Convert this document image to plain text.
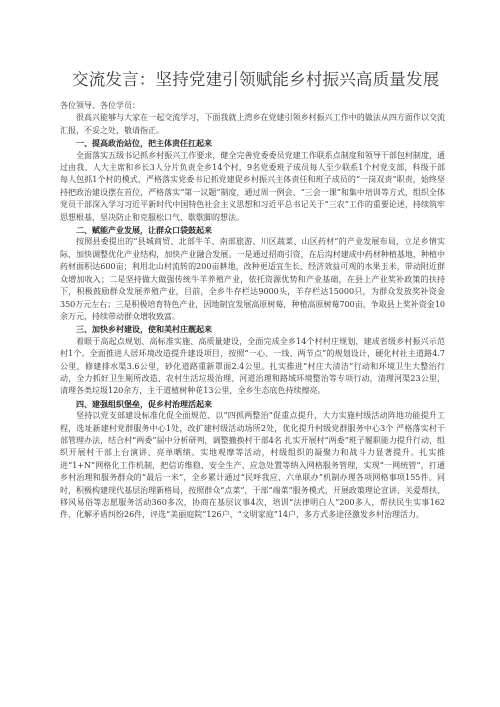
交流发言：坚持党建引领赋能乡村振兴高质量发展

各位领导、各位学员：

很高兴能够与大家在一起交流学习，下面我就上湾乡在党建引领乡村振兴工作中的做法从四方面作以交流汇报，不妥之处，敬请指正。

一、提高政治站位，把主体责任扛起来

全面落实五级书记抓乡村振兴工作要求，健全完善党委委员党建工作联系点制度和领导干部包村制度，通过由我、人大主席和乡长3人分片负责全乡14个村，9名党委班子成员每人至少联系1个村党支部，科级干部每人包抓1个村的模式，严格落实党委书记抓党建促乡村振兴主体责任和班子成员的“一岗双责”职责，始终坚持把政治建设摆在首位，严格落实“第一议题”制度，通过周一例会、“三会一课”和集中培训等方式，组织全体党员干部深入学习习近平新时代中国特色社会主义思想和习近平总书记关于“三农”工作的重要论述，持续筑牢思想根基，坚决防止和克服松口气、歇歇脚的想法。

二、赋能产业发展，让群众口袋鼓起来

按照县委提出的“县城商贸、北部牛羊、南部旅游、川区蔬菜、山区药材”的产业发展布局，立足乡情实际，加快调整优化产业结构，加快产业融合发展。一是通过招商引资，在后沟村建成中药材种植基地，种植中药材面积达600亩；利用北山村流转的200亩耕地，改种更适宜生长、经济效益可观的水果玉米，带动附近群众增加收入；二是坚持做大做强传统牛羊养殖产业，依托资源优势和产业基础，在县上产业奖补政策的扶持下，积极鼓励群众发展养殖产业，目前，全乡牛存栏达9000头，羊存栏达15000只，为群众发放奖补资金350万元左右；三是积极培育特色产业，因地制宜发展高原树莓，种植高原树莓700亩，争取县上奖补资金10余万元，持续带动群众增收致富。

三、加快乡村建设，使和美村庄靓起来

着眼于高起点规划、高标准实施、高质量建设，全面完成全乡14个村村庄规划，建成省级乡村振兴示范村1个。全面推进人居环境改造提升建设项目，按照“一心、一线、两节点”的规划设计，硬化村社主道路4.7公里，修建排水渠3.6公里，砂化道路重新罩面2.4公里。扎实推进“村庄大清洁”行动和环境卫生大整治行动，全力抓好卫生厕所改造、农村生活垃圾治理、河道治理和路域环境整治等专项行动，清理河渠23公里，清理各类垃圾120余方，主干道植树种花13公里，全乡生态底色持续擦亮。

四、建强组织堡垒，促乡村治理活起来

坚持以党支部建设标准化促全面规范、以“四抓两整治”促重点提升，大力实施村级活动阵地功能提升工程，选址新建村党群服务中心1处，改扩建村级活动场所2处，优化提升村级党群服务中心3个 严格落实村干部管理办法，结合村“两委”届中分析研判，调整撤换村干部4名 扎实开展村“两委”班子履职能力提升行动，组织开展村干部上台演讲、亮单晒绩、实地观摩等活动，村级组织的凝聚力和战斗力显著提升。扎实推进“1+N”网格化工作机制，把信访维稳、安全生产、应急处置等纳入网格服务管理，实现“一网统管”，打通乡村治理和服务群众的“最后一米”，全乡累计通过“民呼我应、六单联办”机制办理各项网格事项155件。同时，积极构建现代基层治理新格局，按照群众“点菜”，干部“端菜”服务模式，开展政策理论宣讲、关爱帮扶、移风易俗等志愿服务活动360多次，协商在基层议事4次，培训“法律明白人”200多人，帮扶民生实事162件，化解矛盾纠纷26件，评选“美丽庭院”126户、“文明家庭”14户，多方式多途径激发乡村治理活力。
